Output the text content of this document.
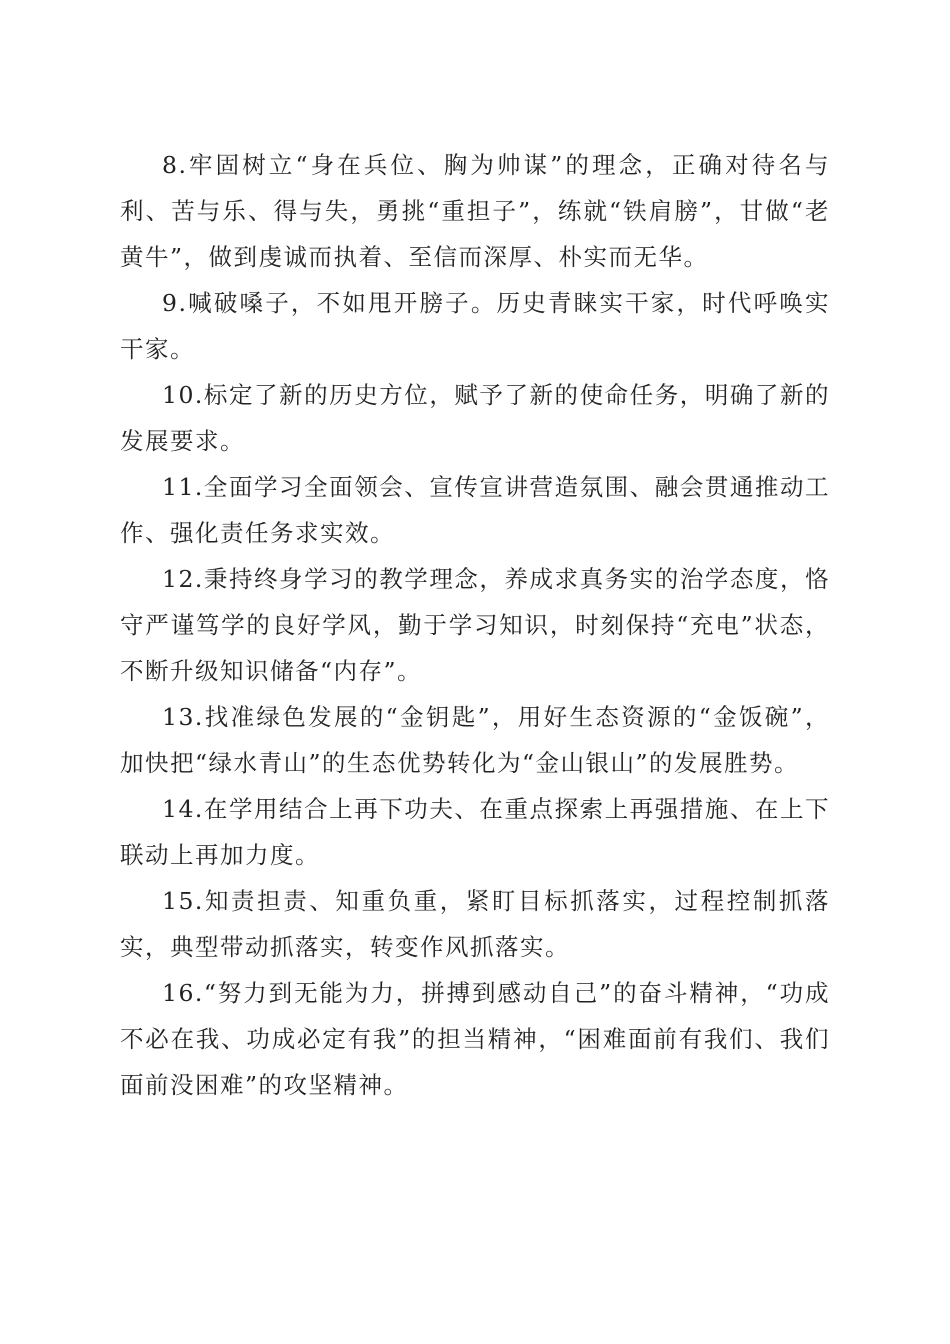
8.牢固树立“身在兵位、胸为帅谋”的理念，正确对待名与利、苦与乐、得与失，勇挑“重担子”，练就“铁肩膀”，甘做“老黄牛”，做到虔诚而执着、至信而深厚、朴实而无华。

9.喊破嗓子，不如甩开膀子。历史青睐实干家，时代呼唤实干家。

10.标定了新的历史方位，赋予了新的使命任务，明确了新的发展要求。

11.全面学习全面领会、宣传宣讲营造氛围、融会贯通推动工作、强化责任务求实效。

12.秉持终身学习的教学理念，养成求真务实的治学态度，恪守严谨笃学的良好学风，勤于学习知识，时刻保持“充电”状态，不断升级知识储备“内存”。

13.找准绿色发展的“金钥匙”，用好生态资源的“金饭碗”，加快把“绿水青山”的生态优势转化为“金山银山”的发展胜势。

14.在学用结合上再下功夫、在重点探索上再强措施、在上下联动上再加力度。

15.知责担责、知重负重，紧盯目标抓落实，过程控制抓落实，典型带动抓落实，转变作风抓落实。

16.“努力到无能为力，拼搏到感动自己”的奋斗精神，“功成不必在我、功成必定有我”的担当精神，“困难面前有我们、我们面前没困难”的攻坚精神。
